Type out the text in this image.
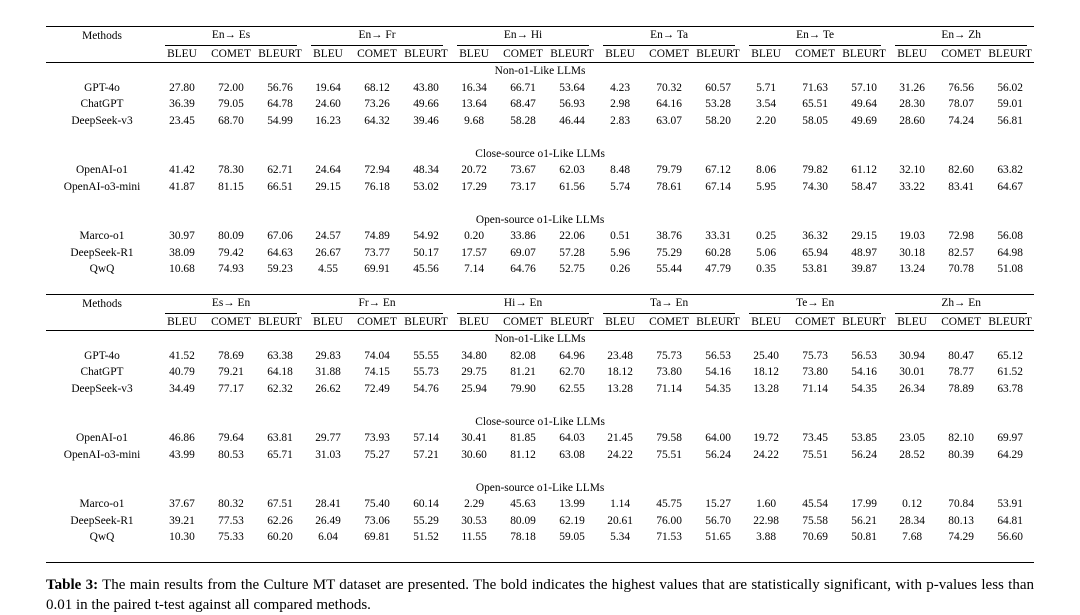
Methods	En→ Es			En→ Fr			En→ Hi			En→ Ta			En→ Te			En→ Zh		

	BLEU	COMET	BLEURT	BLEU	COMET	BLEURT	BLEU	COMET	BLEURT	BLEU	COMET	BLEURT	BLEU	COMET	BLEURT	BLEU	COMET	BLEURT
Non-o1-Like LLMs																		
GPT-4o	27.80	72.00	56.76	19.64	68.12	43.80	16.34	66.71	53.64	4.23	70.32	60.57	5.71	71.63	57.10	31.26	76.56	56.02
ChatGPT	36.39	79.05	64.78	24.60	73.26	49.66	13.64	68.47	56.93	2.98	64.16	53.28	3.54	65.51	49.64	28.30	78.07	59.01
DeepSeek-v3	23.45	68.70	54.99	16.23	64.32	39.46	9.68	58.28	46.44	2.83	63.07	58.20	2.20	58.05	49.69	28.60	74.24	56.81

Close-source o1-Like LLMs																		
OpenAI-o1	41.42	78.30	62.71	24.64	72.94	48.34	20.72	73.67	62.03	8.48	79.79	67.12	8.06	79.82	61.12	32.10	82.60	63.82
OpenAI-o3-mini	41.87	81.15	66.51	29.15	76.18	53.02	17.29	73.17	61.56	5.74	78.61	67.14	5.95	74.30	58.47	33.22	83.41	64.67

Open-source o1-Like LLMs																		
Marco-o1	30.97	80.09	67.06	24.57	74.89	54.92	0.20	33.86	22.06	0.51	38.76	33.31	0.25	36.32	29.15	19.03	72.98	56.08
DeepSeek-R1	38.09	79.42	64.63	26.67	73.77	50.17	17.57	69.07	57.28	5.96	75.29	60.28	5.06	65.94	48.97	30.18	82.57	64.98
QwQ	10.68	74.93	59.23	4.55	69.91	45.56	7.14	64.76	52.75	0.26	55.44	47.79	0.35	53.81	39.87	13.24	70.78	51.08

Methods	Es→ En			Fr→ En			Hi→ En			Ta→ En			Te→ En			Zh→ En		

	BLEU	COMET	BLEURT	BLEU	COMET	BLEURT	BLEU	COMET	BLEURT	BLEU	COMET	BLEURT	BLEU	COMET	BLEURT	BLEU	COMET	BLEURT
Non-o1-Like LLMs																		
GPT-4o	41.52	78.69	63.38	29.83	74.04	55.55	34.80	82.08	64.96	23.48	75.73	56.53	25.40	75.73	56.53	30.94	80.47	65.12
ChatGPT	40.79	79.21	64.18	31.88	74.15	55.73	29.75	81.21	62.70	18.12	73.80	54.16	18.12	73.80	54.16	30.01	78.77	61.52
DeepSeek-v3	34.49	77.17	62.32	26.62	72.49	54.76	25.94	79.90	62.55	13.28	71.14	54.35	13.28	71.14	54.35	26.34	78.89	63.78

Close-source o1-Like LLMs																		
OpenAI-o1	46.86	79.64	63.81	29.77	73.93	57.14	30.41	81.85	64.03	21.45	79.58	64.00	19.72	73.45	53.85	23.05	82.10	69.97
OpenAI-o3-mini	43.99	80.53	65.71	31.03	75.27	57.21	30.60	81.12	63.08	24.22	75.51	56.24	24.22	75.51	56.24	28.52	80.39	64.29

Open-source o1-Like LLMs																		
Marco-o1	37.67	80.32	67.51	28.41	75.40	60.14	2.29	45.63	13.99	1.14	45.75	15.27	1.60	45.54	17.99	0.12	70.84	53.91
DeepSeek-R1	39.21	77.53	62.26	26.49	73.06	55.29	30.53	80.09	62.19	20.61	76.00	56.70	22.98	75.58	56.21	28.34	80.13	64.81
QwQ	10.30	75.33	60.20	6.04	69.81	51.52	11.55	78.18	59.05	5.34	71.53	51.65	3.88	70.69	50.81	7.68	74.29	56.60

Table 3: The main results from the Culture MT dataset are presented. The bold indicates the highest values that are statistically significant, with p-values less than 0.01 in the paired t-test against all compared methods.
